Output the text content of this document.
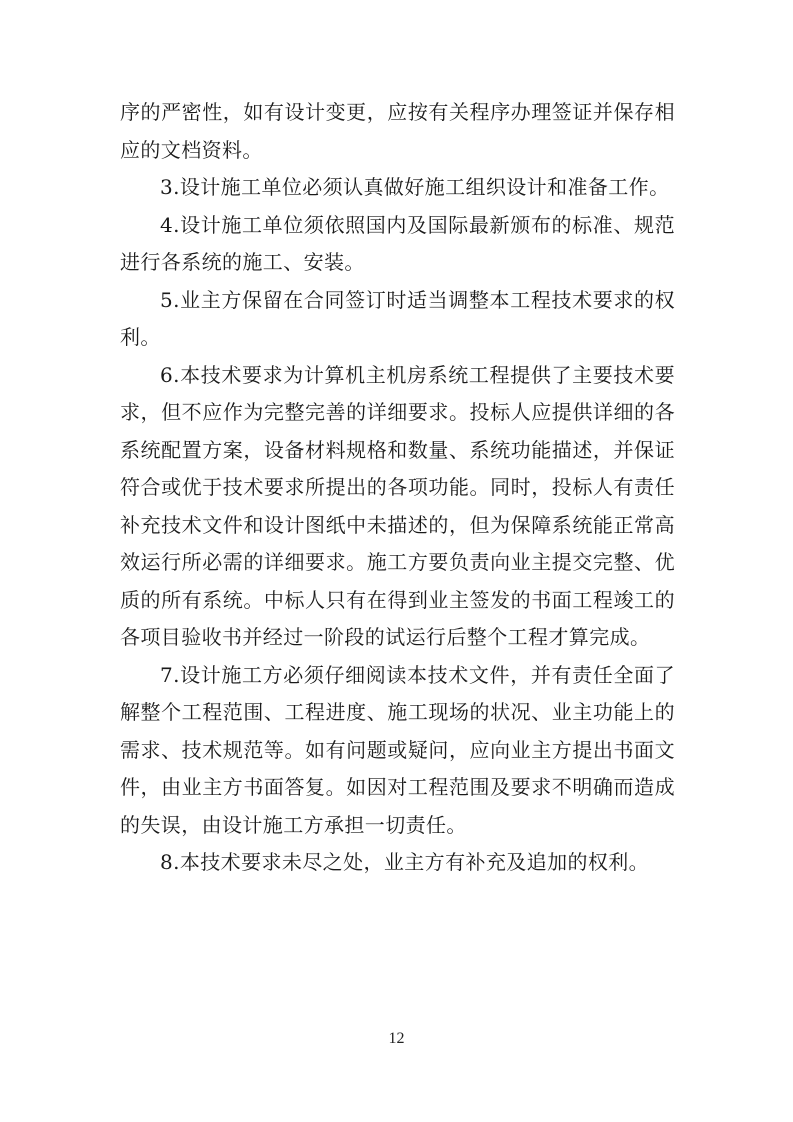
序的严密性，如有设计变更，应按有关程序办理签证并保存相应的文档资料。

3.设计施工单位必须认真做好施工组织设计和准备工作。

4.设计施工单位须依照国内及国际最新颁布的标准、规范进行各系统的施工、安装。

5.业主方保留在合同签订时适当调整本工程技术要求的权利。

6.本技术要求为计算机主机房系统工程提供了主要技术要求，但不应作为完整完善的详细要求。投标人应提供详细的各系统配置方案，设备材料规格和数量、系统功能描述，并保证符合或优于技术要求所提出的各项功能。同时，投标人有责任补充技术文件和设计图纸中未描述的，但为保障系统能正常高效运行所必需的详细要求。施工方要负责向业主提交完整、优质的所有系统。中标人只有在得到业主签发的书面工程竣工的各项目验收书并经过一阶段的试运行后整个工程才算完成。

7.设计施工方必须仔细阅读本技术文件，并有责任全面了解整个工程范围、工程进度、施工现场的状况、业主功能上的需求、技术规范等。如有问题或疑问，应向业主方提出书面文件，由业主方书面答复。如因对工程范围及要求不明确而造成的失误，由设计施工方承担一切责任。

8.本技术要求未尽之处，业主方有补充及追加的权利。

12
